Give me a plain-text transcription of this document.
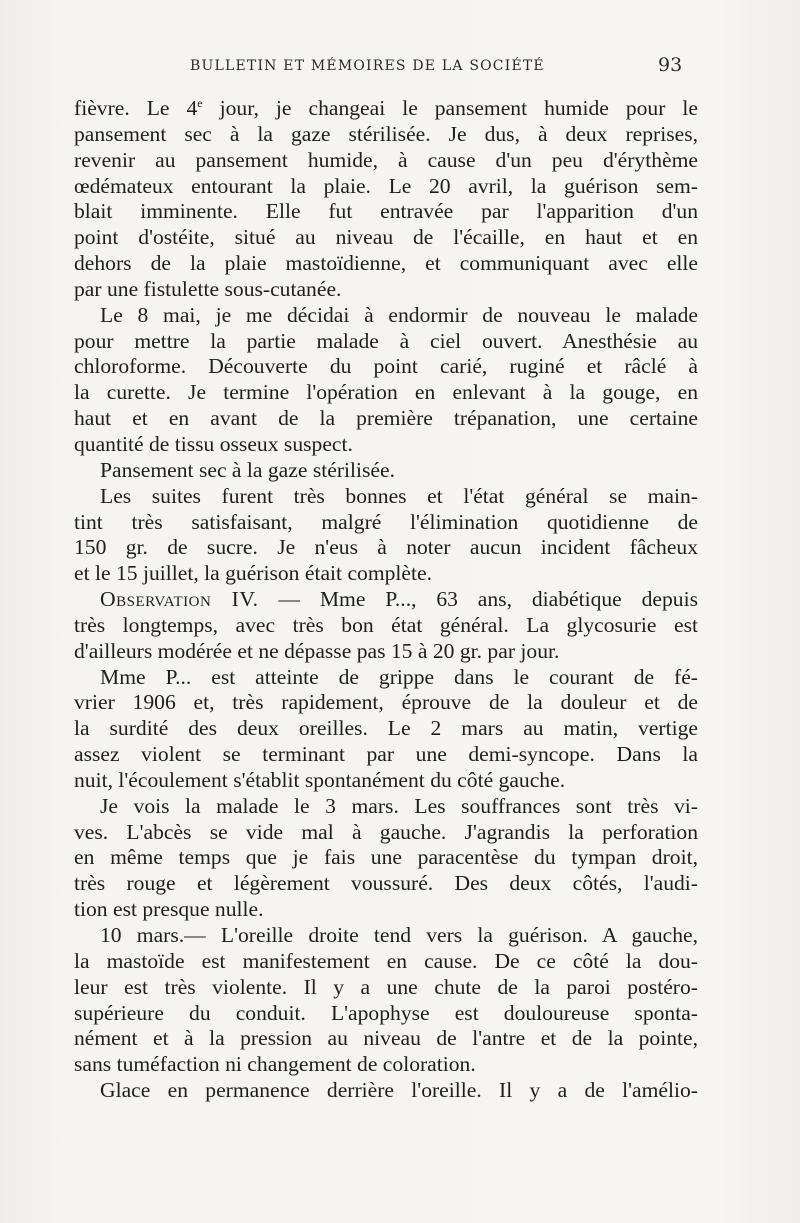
BULLETIN ET MÉMOIRES DE LA SOCIÉTÉ	93
fièvre. Le 4e jour, je changeai le pansement humide pour le
pansement sec à la gaze stérilisée. Je dus, à deux reprises,
revenir au pansement humide, à cause d'un peu d'érythème
œdémateux entourant la plaie. Le 20 avril, la guérison sem-
blait imminente. Elle fut entravée par l'apparition d'un
point d'ostéite, situé au niveau de l'écaille, en haut et en
dehors de la plaie mastoïdienne, et communiquant avec elle
par une fistulette sous-cutanée.
Le 8 mai, je me décidai à endormir de nouveau le malade
pour mettre la partie malade à ciel ouvert. Anesthésie au
chloroforme. Découverte du point carié, ruginé et râclé à
la curette. Je termine l'opération en enlevant à la gouge, en
haut et en avant de la première trépanation, une certaine
quantité de tissu osseux suspect.
Pansement sec à la gaze stérilisée.
Les suites furent très bonnes et l'état général se main-
tint très satisfaisant, malgré l'élimination quotidienne de
150 gr. de sucre. Je n'eus à noter aucun incident fâcheux
et le 15 juillet, la guérison était complète.
Observation IV. — Mme P..., 63 ans, diabétique depuis
très longtemps, avec très bon état général. La glycosurie est
d'ailleurs modérée et ne dépasse pas 15 à 20 gr. par jour.
Mme P... est atteinte de grippe dans le courant de fé-
vrier 1906 et, très rapidement, éprouve de la douleur et de
la surdité des deux oreilles. Le 2 mars au matin, vertige
assez violent se terminant par une demi-syncope. Dans la
nuit, l'écoulement s'établit spontanément du côté gauche.
Je vois la malade le 3 mars. Les souffrances sont très vi-
ves. L'abcès se vide mal à gauche. J'agrandis la perforation
en même temps que je fais une paracentèse du tympan droit,
très rouge et légèrement voussuré. Des deux côtés, l'audi-
tion est presque nulle.
10 mars.— L'oreille droite tend vers la guérison. A gauche,
la mastoïde est manifestement en cause. De ce côté la dou-
leur est très violente. Il y a une chute de la paroi postéro-
supérieure du conduit. L'apophyse est douloureuse sponta-
nément et à la pression au niveau de l'antre et de la pointe,
sans tuméfaction ni changement de coloration.
Glace en permanence derrière l'oreille. Il y a de l'amélio-
